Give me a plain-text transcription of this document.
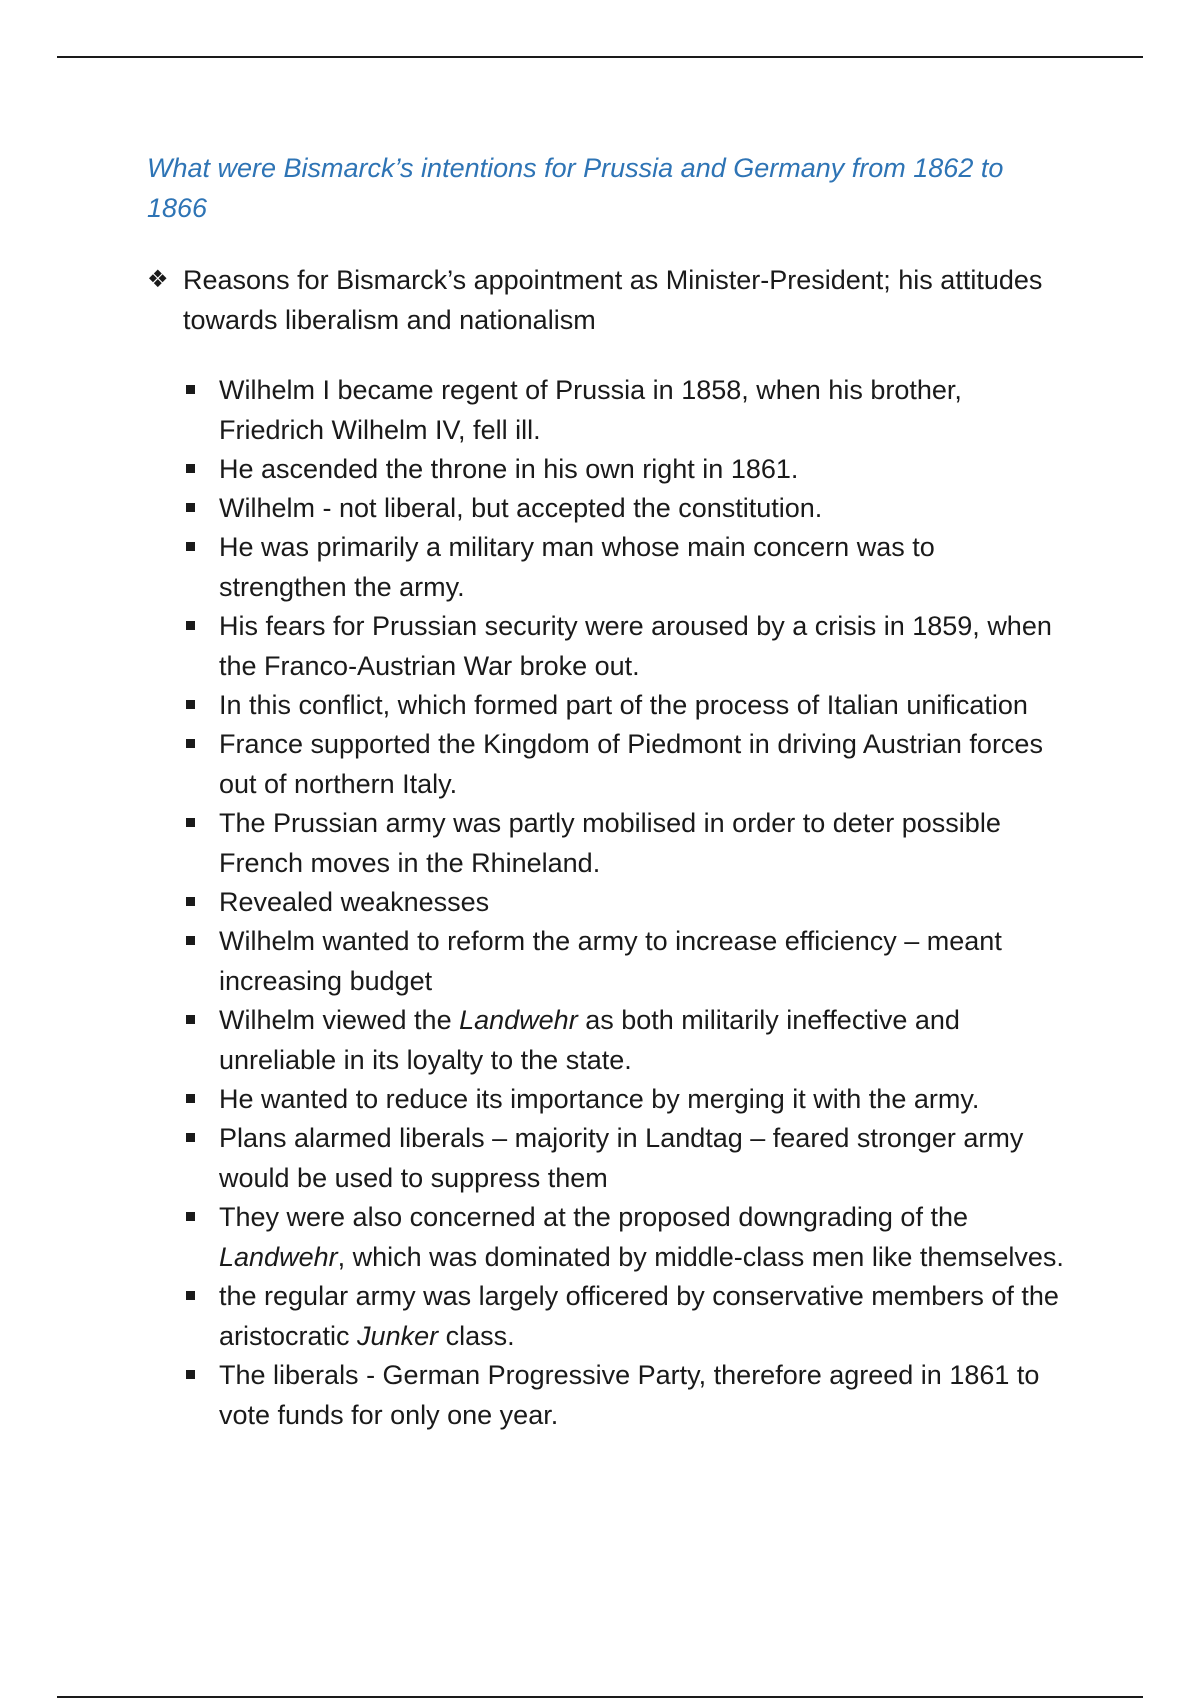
What were Bismarck’s intentions for Prussia and Germany from 1862 to 1866
❖ Reasons for Bismarck’s appointment as Minister-President; his attitudes towards liberalism and nationalism
Wilhelm I became regent of Prussia in 1858, when his brother, Friedrich Wilhelm IV, fell ill.
He ascended the throne in his own right in 1861.
Wilhelm - not liberal, but accepted the constitution.
He was primarily a military man whose main concern was to strengthen the army.
His fears for Prussian security were aroused by a crisis in 1859, when the Franco-Austrian War broke out.
In this conflict, which formed part of the process of Italian unification
France supported the Kingdom of Piedmont in driving Austrian forces out of northern Italy.
The Prussian army was partly mobilised in order to deter possible French moves in the Rhineland.
Revealed weaknesses
Wilhelm wanted to reform the army to increase efficiency – meant increasing budget
Wilhelm viewed the Landwehr as both militarily ineffective and unreliable in its loyalty to the state.
He wanted to reduce its importance by merging it with the army.
Plans alarmed liberals – majority in Landtag – feared stronger army would be used to suppress them
They were also concerned at the proposed downgrading of the Landwehr, which was dominated by middle-class men like themselves.
the regular army was largely officered by conservative members of the aristocratic Junker class.
The liberals - German Progressive Party, therefore agreed in 1861 to vote funds for only one year.
